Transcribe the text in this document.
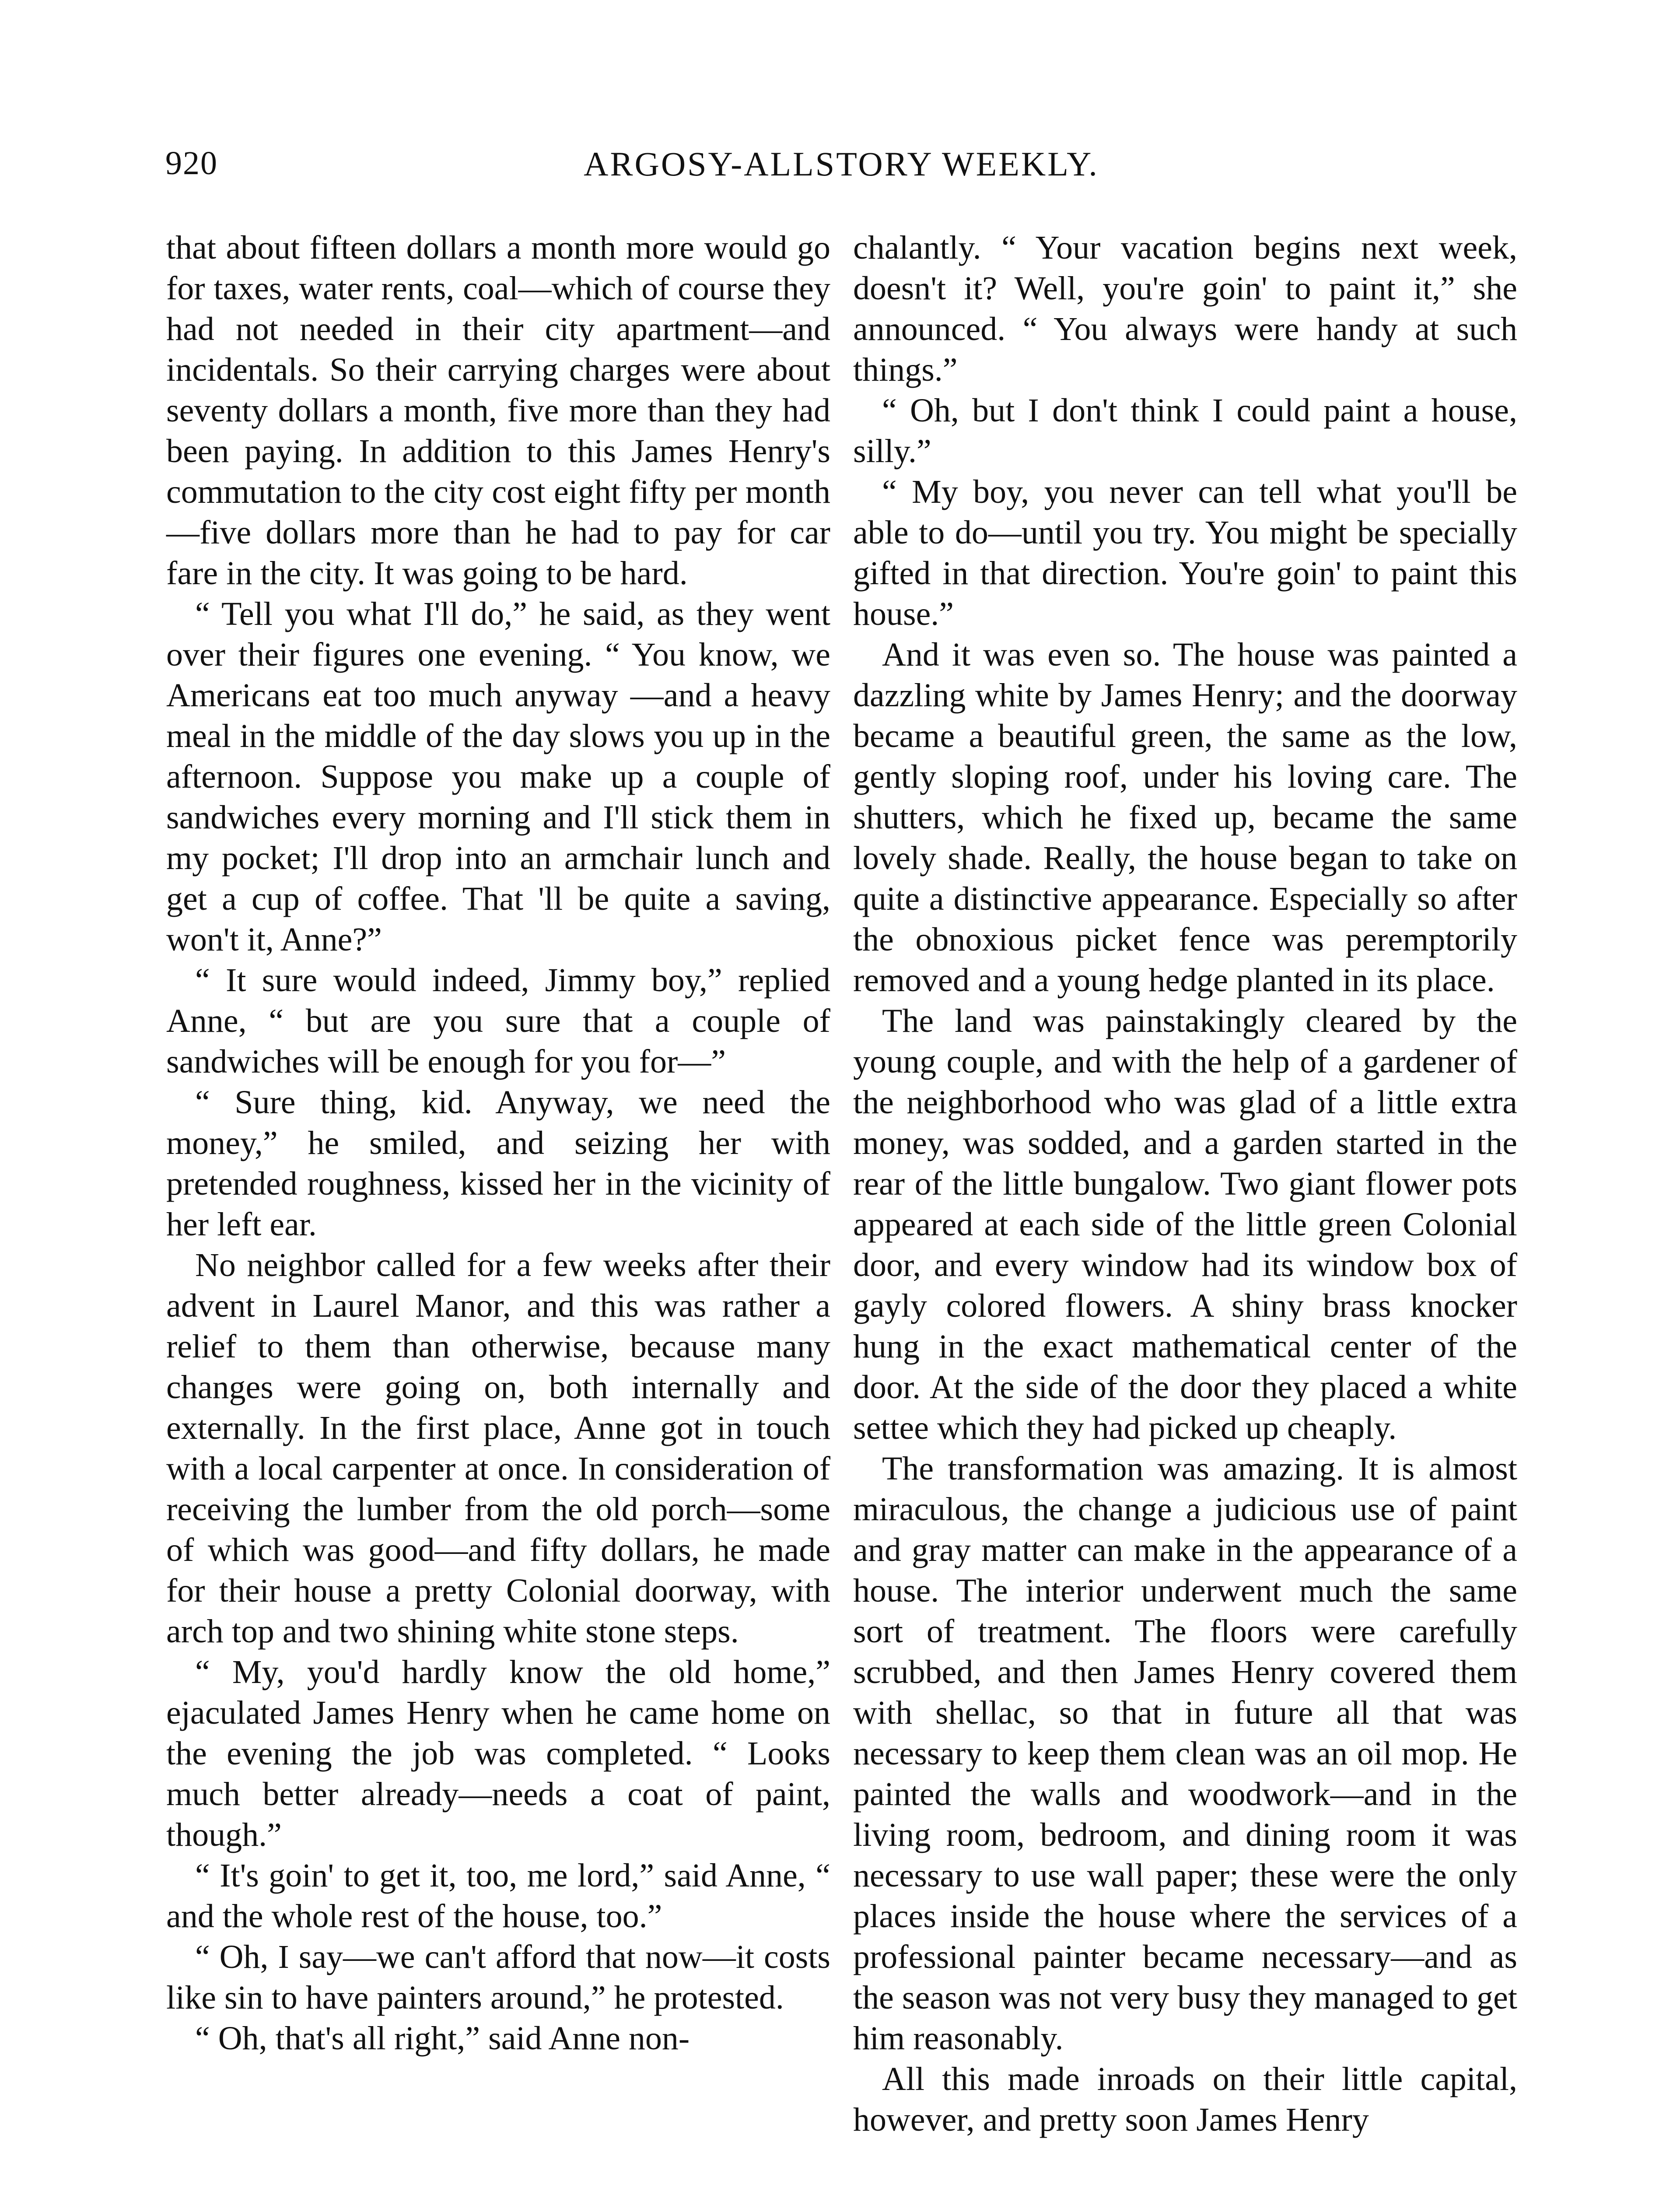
920	ARGOSY-ALLSTORY WEEKLY.

that about fifteen dollars a month more would go for taxes, water rents, coal—which of course they had not needed in their city apartment—and incidentals. So their carrying charges were about seventy dollars a month, five more than they had been paying. In addition to this James Henry's commutation to the city cost eight fifty per month—five dollars more than he had to pay for car fare in the city. It was going to be hard.

“ Tell you what I'll do,” he said, as they went over their figures one evening. “ You know, we Americans eat too much anyway —and a heavy meal in the middle of the day slows you up in the afternoon. Suppose you make up a couple of sandwiches every morning and I'll stick them in my pocket; I'll drop into an armchair lunch and get a cup of coffee. That 'll be quite a saving, won't it, Anne?”

“ It sure would indeed, Jimmy boy,” replied Anne, “ but are you sure that a couple of sandwiches will be enough for you for—”

“ Sure thing, kid. Anyway, we need the money,” he smiled, and seizing her with pretended roughness, kissed her in the vicinity of her left ear.

No neighbor called for a few weeks after their advent in Laurel Manor, and this was rather a relief to them than otherwise, because many changes were going on, both internally and externally. In the first place, Anne got in touch with a local carpenter at once. In consideration of receiving the lumber from the old porch—some of which was good—and fifty dollars, he made for their house a pretty Colonial doorway, with arch top and two shining white stone steps.

“ My, you'd hardly know the old home,” ejaculated James Henry when he came home on the evening the job was completed. “ Looks much better already—needs a coat of paint, though.”

“ It's goin' to get it, too, me lord,” said Anne, “ and the whole rest of the house, too.”

“ Oh, I say—we can't afford that now—it costs like sin to have painters around,” he protested.

“ Oh, that's all right,” said Anne non-

chalantly. “ Your vacation begins next week, doesn't it? Well, you're goin' to paint it,” she announced. “ You always were handy at such things.”

“ Oh, but I don't think I could paint a house, silly.”

“ My boy, you never can tell what you'll be able to do—until you try. You might be specially gifted in that direction. You're goin' to paint this house.”

And it was even so. The house was painted a dazzling white by James Henry; and the doorway became a beautiful green, the same as the low, gently sloping roof, under his loving care. The shutters, which he fixed up, became the same lovely shade. Really, the house began to take on quite a distinctive appearance. Especially so after the obnoxious picket fence was peremptorily removed and a young hedge planted in its place.

The land was painstakingly cleared by the young couple, and with the help of a gardener of the neighborhood who was glad of a little extra money, was sodded, and a garden started in the rear of the little bungalow. Two giant flower pots appeared at each side of the little green Colonial door, and every window had its window box of gayly colored flowers. A shiny brass knocker hung in the exact mathematical center of the door. At the side of the door they placed a white settee which they had picked up cheaply.

The transformation was amazing. It is almost miraculous, the change a judicious use of paint and gray matter can make in the appearance of a house. The interior underwent much the same sort of treatment. The floors were carefully scrubbed, and then James Henry covered them with shellac, so that in future all that was necessary to keep them clean was an oil mop. He painted the walls and woodwork—and in the living room, bedroom, and dining room it was necessary to use wall paper; these were the only places inside the house where the services of a professional painter became necessary—and as the season was not very busy they managed to get him reasonably.

All this made inroads on their little capital, however, and pretty soon James Henry
